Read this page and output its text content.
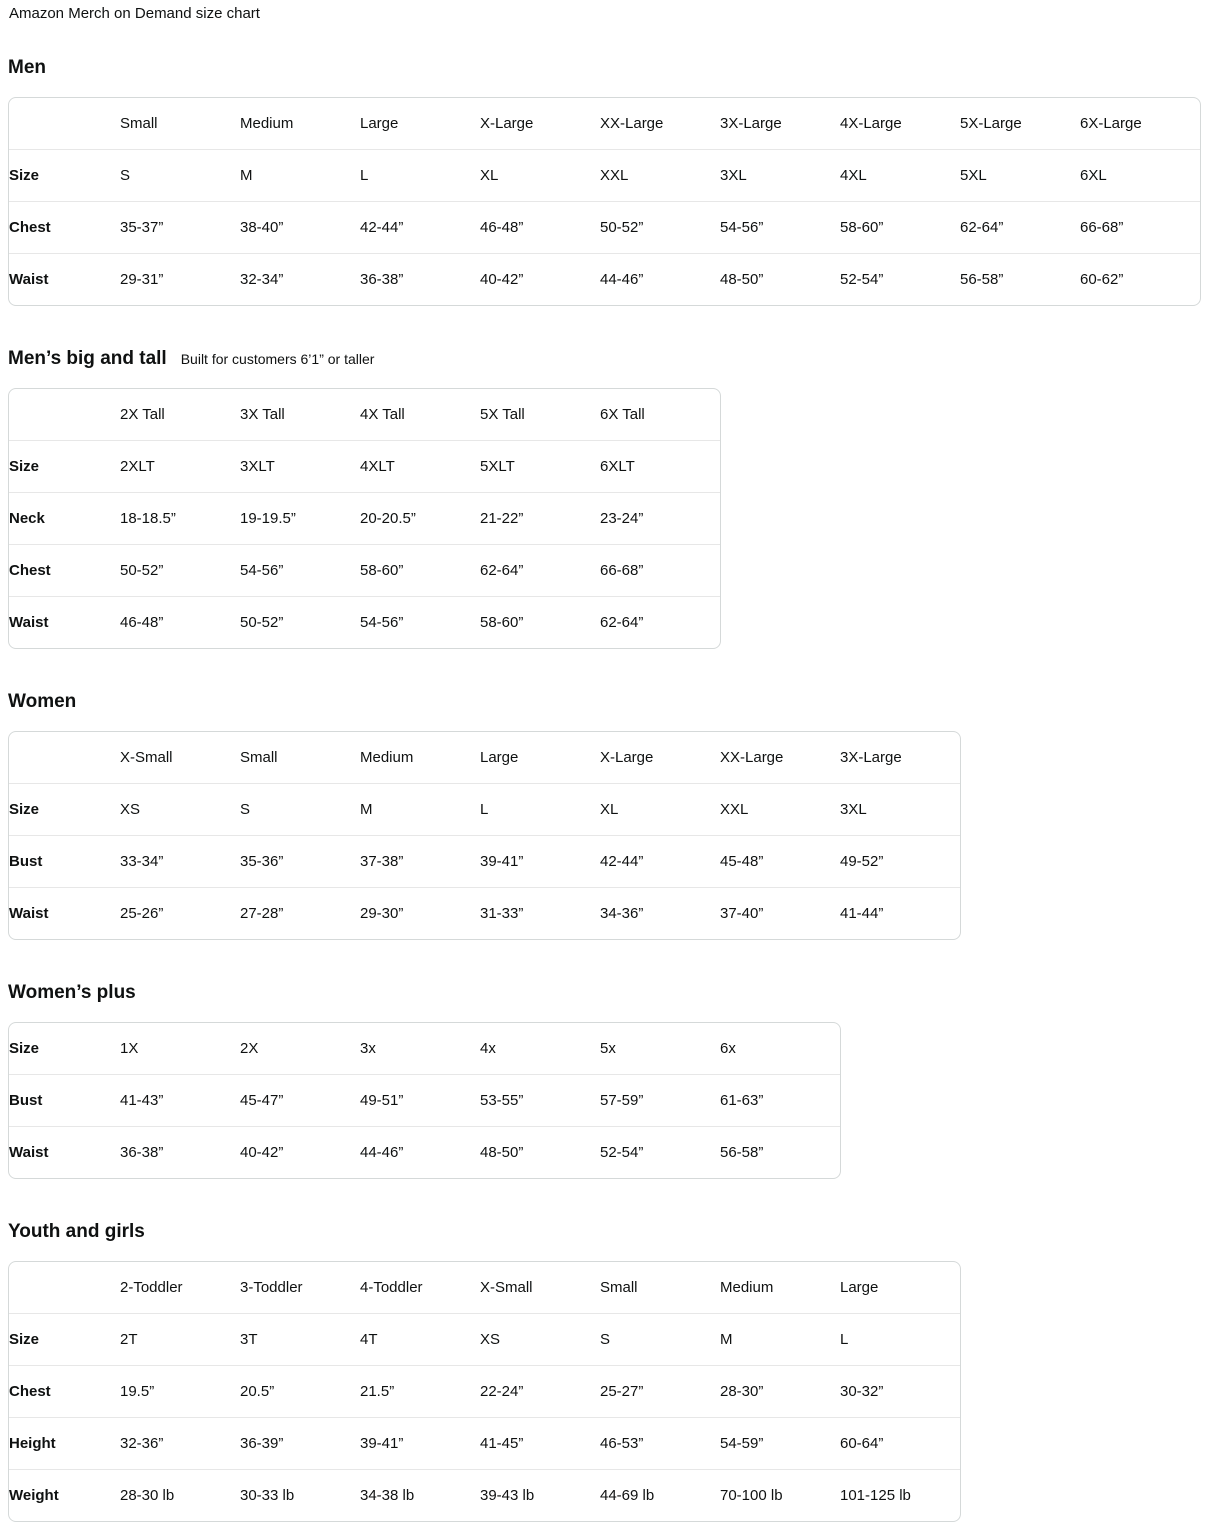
Amazon Merch on Demand size chart
Men
	Small	Medium	Large	X-Large	XX-Large	3X-Large	4X-Large	5X-Large	6X-Large
Size	S	M	L	XL	XXL	3XL	4XL	5XL	6XL
Chest	35-37”	38-40”	42-44”	46-48”	50-52”	54-56”	58-60”	62-64”	66-68”
Waist	29-31”	32-34”	36-38”	40-42”	44-46”	48-50”	52-54”	56-58”	60-62”
Men’s big and tall Built for customers 6’1” or taller
	2X Tall	3X Tall	4X Tall	5X Tall	6X Tall
Size	2XLT	3XLT	4XLT	5XLT	6XLT
Neck	18-18.5”	19-19.5”	20-20.5”	21-22”	23-24”
Chest	50-52”	54-56”	58-60”	62-64”	66-68”
Waist	46-48”	50-52”	54-56”	58-60”	62-64”
Women
	X-Small	Small	Medium	Large	X-Large	XX-Large	3X-Large
Size	XS	S	M	L	XL	XXL	3XL
Bust	33-34”	35-36”	37-38”	39-41”	42-44”	45-48”	49-52”
Waist	25-26”	27-28”	29-30”	31-33”	34-36”	37-40”	41-44”
Women’s plus
Size	1X	2X	3x	4x	5x	6x
Bust	41-43”	45-47”	49-51”	53-55”	57-59”	61-63”
Waist	36-38”	40-42”	44-46”	48-50”	52-54”	56-58”
Youth and girls
	2-Toddler	3-Toddler	4-Toddler	X-Small	Small	Medium	Large
Size	2T	3T	4T	XS	S	M	L
Chest	19.5”	20.5”	21.5”	22-24”	25-27”	28-30”	30-32”
Height	32-36”	36-39”	39-41”	41-45”	46-53”	54-59”	60-64”
Weight	28-30 lb	30-33 lb	34-38 lb	39-43 lb	44-69 lb	70-100 lb	101-125 lb
